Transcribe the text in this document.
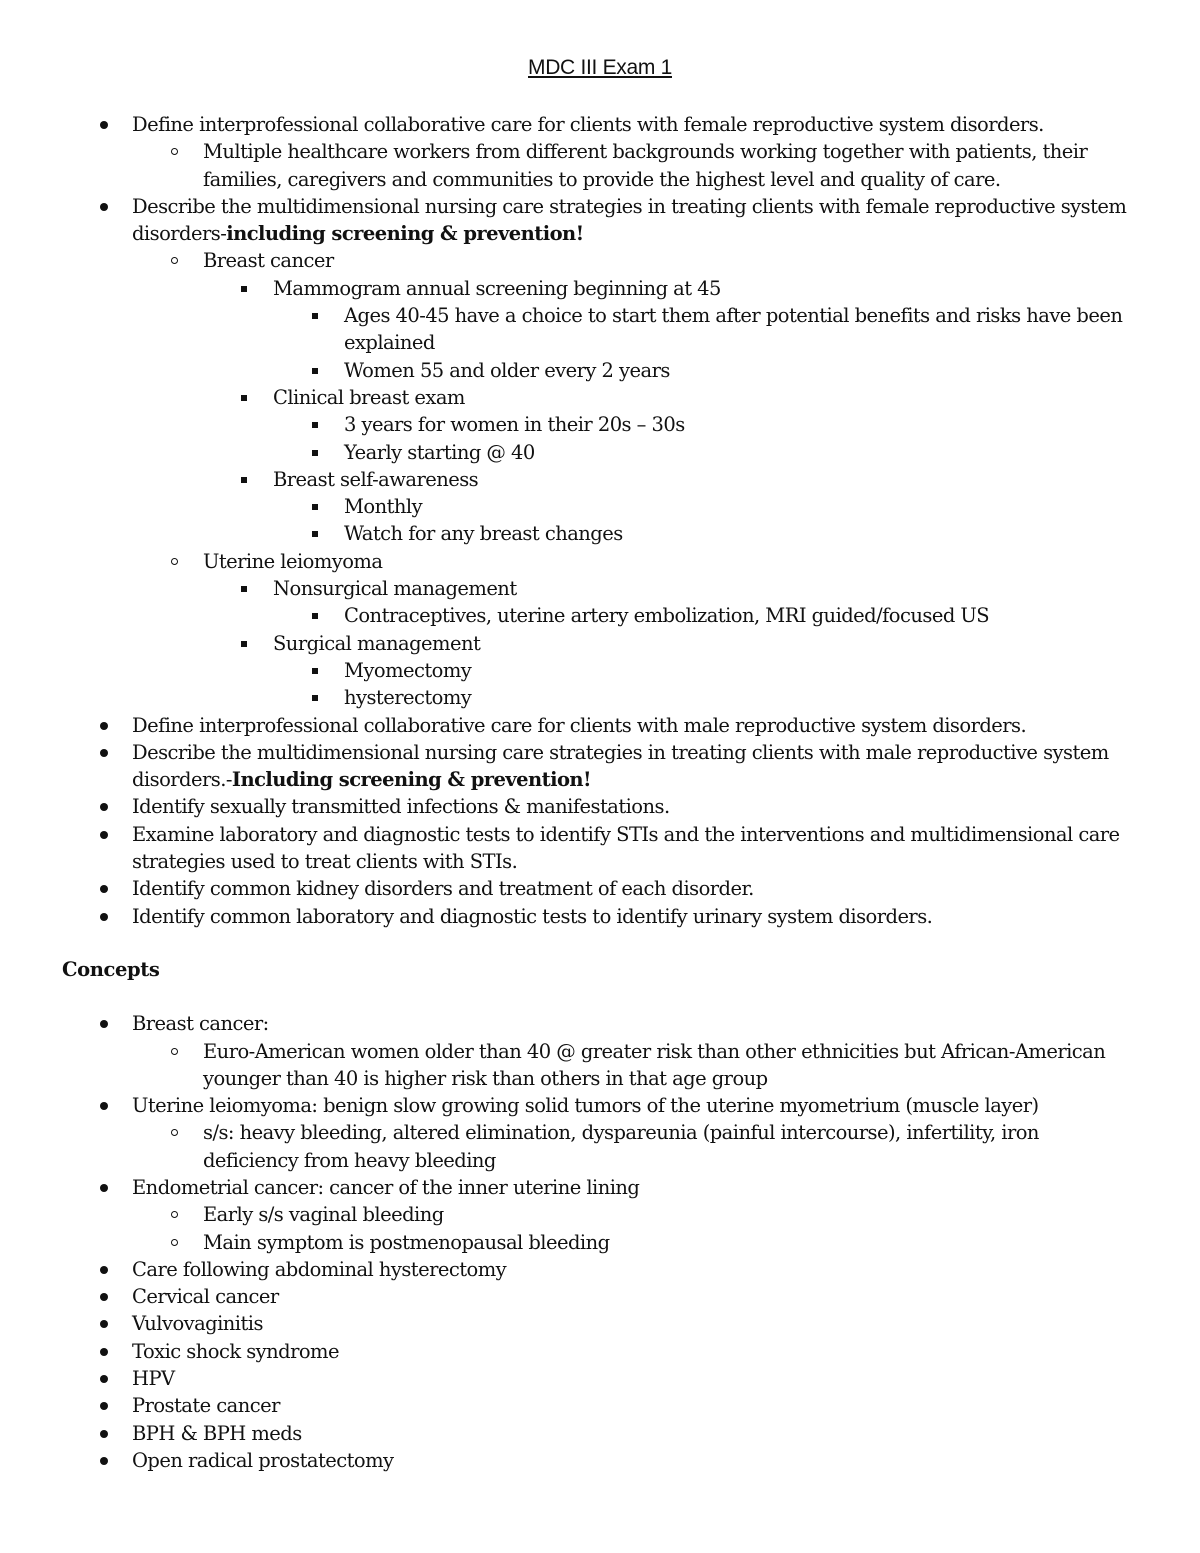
MDC III Exam 1
Define interprofessional collaborative care for clients with female reproductive system disorders.
Multiple healthcare workers from different backgrounds working together with patients, their
families, caregivers and communities to provide the highest level and quality of care.
Describe the multidimensional nursing care strategies in treating clients with female reproductive system
disorders-including screening & prevention!
Breast cancer
Mammogram annual screening beginning at 45
Ages 40-45 have a choice to start them after potential benefits and risks have been
explained
Women 55 and older every 2 years
Clinical breast exam
3 years for women in their 20s – 30s
Yearly starting @ 40
Breast self-awareness
Monthly
Watch for any breast changes
Uterine leiomyoma
Nonsurgical management
Contraceptives, uterine artery embolization, MRI guided/focused US
Surgical management
Myomectomy
hysterectomy
Define interprofessional collaborative care for clients with male reproductive system disorders.
Describe the multidimensional nursing care strategies in treating clients with male reproductive system
disorders.-Including screening & prevention!
Identify sexually transmitted infections & manifestations.
Examine laboratory and diagnostic tests to identify STIs and the interventions and multidimensional care
strategies used to treat clients with STIs.
Identify common kidney disorders and treatment of each disorder.
Identify common laboratory and diagnostic tests to identify urinary system disorders.
Concepts
Breast cancer:
Euro-American women older than 40 @ greater risk than other ethnicities but African-American
younger than 40 is higher risk than others in that age group
Uterine leiomyoma: benign slow growing solid tumors of the uterine myometrium (muscle layer)
s/s: heavy bleeding, altered elimination, dyspareunia (painful intercourse), infertility, iron
deficiency from heavy bleeding
Endometrial cancer: cancer of the inner uterine lining
Early s/s vaginal bleeding
Main symptom is postmenopausal bleeding
Care following abdominal hysterectomy
Cervical cancer
Vulvovaginitis
Toxic shock syndrome
HPV
Prostate cancer
BPH & BPH meds
Open radical prostatectomy
